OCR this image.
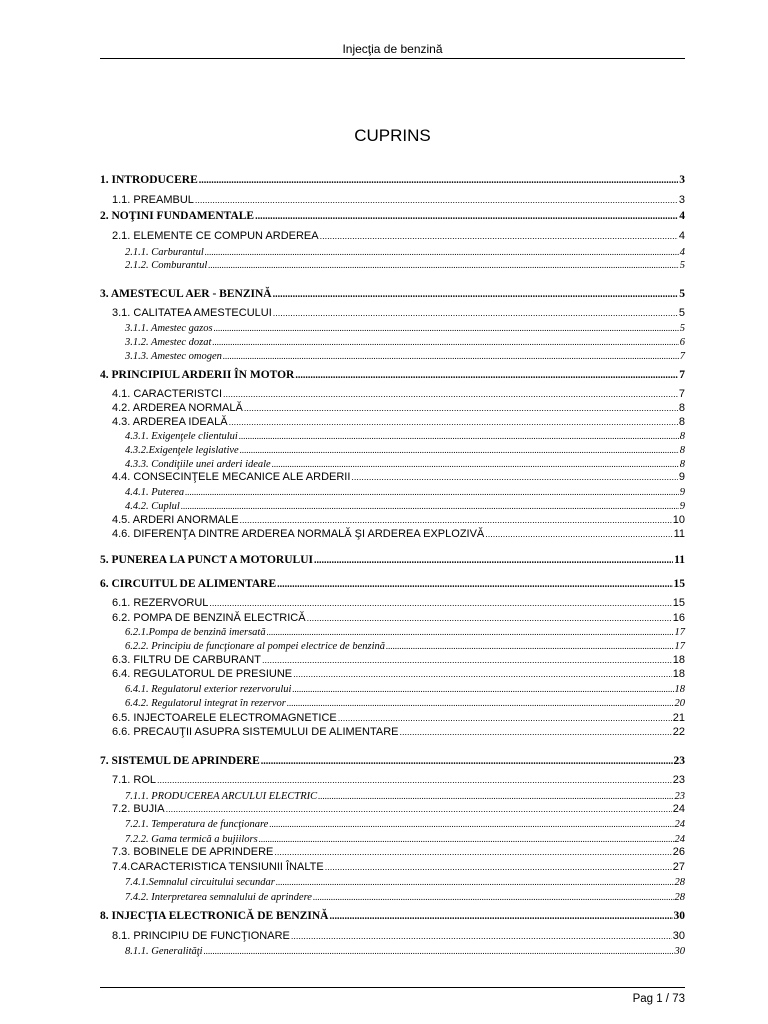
Injecţia de benzină
CUPRINS
1. INTRODUCERE .....	3
1.1. PREAMBUL .....	3
2. NOŢINI FUNDAMENTALE .....	4
2.1. ELEMENTE CE COMPUN ARDEREA .....	4
2.1.1. Carburantul .....	4
2.1.2. Comburantul .....	5
3. AMESTECUL AER - BENZINĂ .....	5
3.1. CALITATEA AMESTECULUI .....	5
3.1.1. Amestec gazos .....	5
3.1.2. Amestec dozat .....	6
3.1.3. Amestec omogen .....	7
4. PRINCIPIUL ARDERII ÎN MOTOR .....	7
4.1. CARACTERISTCI .....	7
4.2. ARDEREA NORMALĂ .....	8
4.3. ARDEREA IDEALĂ .....	8
4.3.1. Exigenţele clientului .....	8
4.3.2.Exigenţele legislative .....	8
4.3.3. Condiţiile unei arderi ideale .....	8
4.4. CONSECINŢELE MECANICE ALE ARDERII .....	9
4.4.1. Puterea .....	9
4.4.2. Cuplul .....	9
4.5. ARDERI ANORMALE .....	10
4.6. DIFERENŢA DINTRE ARDEREA NORMALĂ ŞI ARDEREA EXPLOZIVĂ .....	11
5. PUNEREA LA PUNCT A MOTORULUI .....	11
6. CIRCUITUL DE ALIMENTARE .....	15
6.1. REZERVORUL .....	15
6.2. POMPA DE BENZINĂ ELECTRICĂ .....	16
6.2.1.Pompa de benzină imersată .....	17
6.2.2. Principiu de funcţionare al pompei electrice de benzină .....	17
6.3. FILTRU DE CARBURANT .....	18
6.4. REGULATORUL DE PRESIUNE .....	18
6.4.1. Regulatorul exterior rezervorului .....	18
6.4.2. Regulatorul integrat în rezervor .....	20
6.5. INJECTOARELE ELECTROMAGNETICE .....	21
6.6. PRECAUŢII ASUPRA SISTEMULUI DE ALIMENTARE .....	22
7. SISTEMUL DE APRINDERE .....	23
7.1. ROL .....	23
7.1.1. PRODUCEREA ARCULUI ELECTRIC .....	23
7.2. BUJIA .....	24
7.2.1. Temperatura de funcţionare .....	24
7.2.2. Gama termică a bujiilors .....	24
7.3. BOBINELE DE APRINDERE .....	26
7.4.CARACTERISTICA TENSIUNII ÎNALTE .....	27
7.4.1.Semnalul circuitului secundar .....	28
7.4.2. Interpretarea semnalului de aprindere .....	28
8. INJECŢIA ELECTRONICĂ DE BENZINĂ .....	30
8.1. PRINCIPIU DE FUNCŢIONARE .....	30
8.1.1. Generalităţi .....	30
Pag 1 / 73
